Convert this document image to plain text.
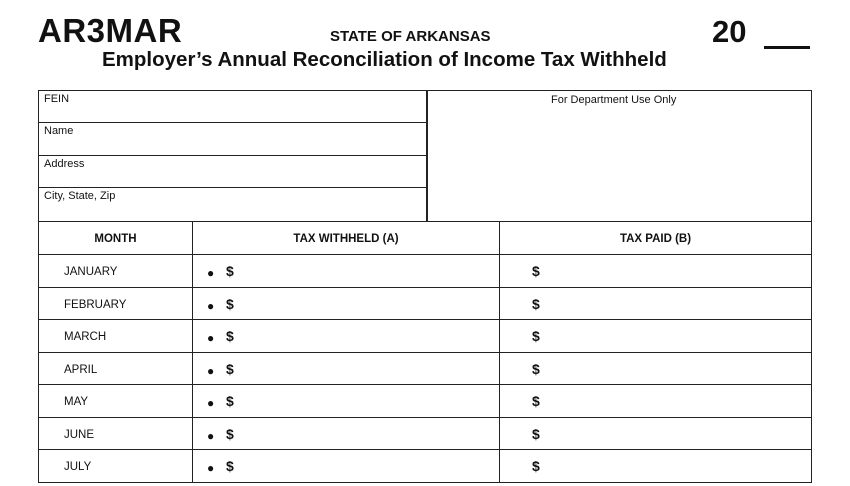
AR3MAR	STATE OF ARKANSAS	20
Employer’s Annual Reconciliation of Income Tax Withheld
FEIN
Name
Address
City, State, Zip
For Department Use Only
MONTH	TAX WITHHELD (A)	TAX PAID (B)
JANUARY	● $	$
FEBRUARY	● $	$
MARCH	● $	$
APRIL	● $	$
MAY	● $	$
JUNE	● $	$
JULY	● $	$
